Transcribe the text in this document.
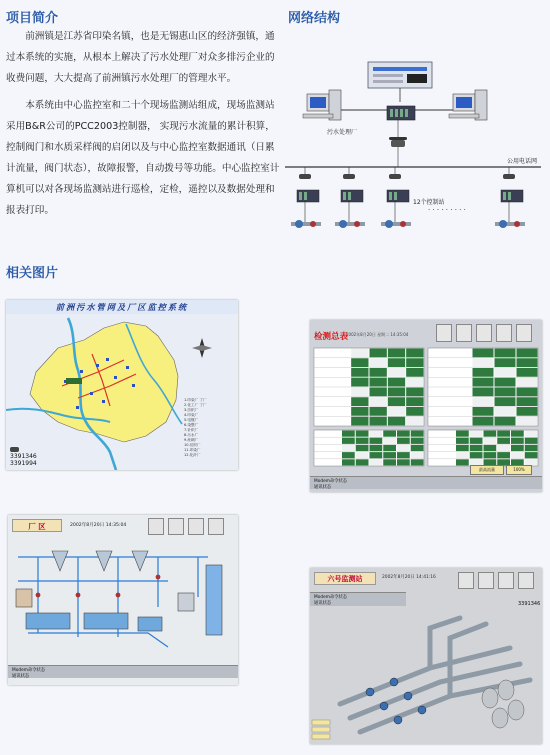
项目简介	网络结构
相关图片

前洲镇是江苏省印染名镇，也是无锡惠山区的经济强镇，通过本系统的实施，从根本上解决了污水处理厂对众多排污企业的收费问题，大大提高了前洲镇污水处理厂的管理水平。

本系统由中心监控室和二十个现场监测站组成，现场监测站采用B&R公司的PCC2003控制器， 实现污水流量的累计积算，控制阀门和水质采样阀的启闭以及与中心监控室数据通讯（日累计流量，阀门状态），故障报警，自动拨号等功能。中心监控室计算机可以对各现场监测站进行巡检，定检，遥控以及数据处理和报表打印。

污水处理厂
公用电话网
12个控制站
· · · · · · · · ·
前洲污水管网及厂区监控系统
1.印染厂 丁厂
2.化工厂 丁厂
3.纺织厂
4.印染厂
5.电镀厂
6.染整厂
7.针织厂
8.污水厂
9.丝绸厂
10.纺织厂
11.印染厂
12.化纤厂
3391346
3391994
检测总表
2002年8月20日 星期二 14:35:04

最高流量	100%
Modem命令状态
通讯状态
厂 区	2002年8月20日 14:35:04
Modem命令状态
通讯状态
六号监测站	2002年8月20日 14:41:16
3391346
Modem命令状态
通讯状态
